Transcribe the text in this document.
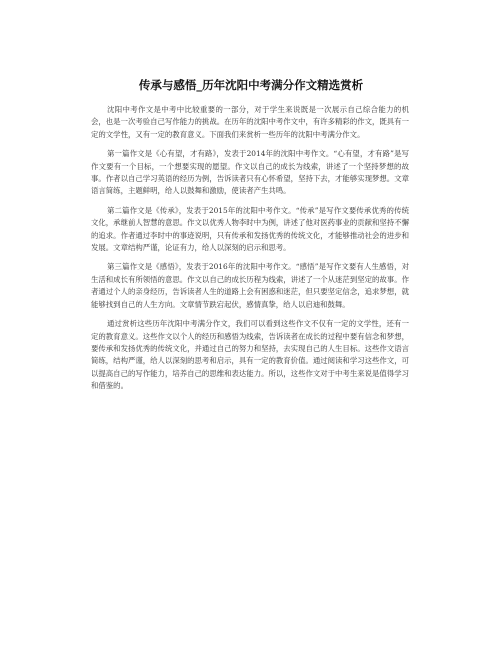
传承与感悟_历年沈阳中考满分作文精选赏析

沈阳中考作文是中考中比较重要的一部分，对于学生来说既是一次展示自己综合能力的机会，也是一次考验自己写作能力的挑战。在历年的沈阳中考作文中，有许多精彩的作文，既具有一定的文学性，又有一定的教育意义。下面我们来赏析一些历年的沈阳中考满分作文。

第一篇作文是《心有望，才有路》，发表于2014年的沈阳中考作文。“心有望，才有路”是写作文要有一个目标，一个想要实现的愿望。作文以自己的成长为线索，讲述了一个坚持梦想的故事。作者以自己学习英语的经历为例，告诉读者只有心怀希望，坚持下去，才能够实现梦想。文章语言简练，主题鲜明，给人以鼓舞和激励，使读者产生共鸣。

第二篇作文是《传承》，发表于2015年的沈阳中考作文。“传承”是写作文要传承优秀的传统文化，承继前人智慧的意思。作文以优秀人物李时中为例，讲述了他对医药事业的贡献和坚持不懈的追求。作者通过李时中的事迹说明，只有传承和发扬优秀的传统文化，才能够推动社会的进步和发展。文章结构严谨，论证有力，给人以深刻的启示和思考。

第三篇作文是《感悟》，发表于2016年的沈阳中考作文。“感悟”是写作文要有人生感悟，对生活和成长有所领悟的意思。作文以自己的成长历程为线索，讲述了一个从迷茫到坚定的故事。作者通过个人的亲身经历，告诉读者人生的道路上会有困惑和迷茫，但只要坚定信念，追求梦想，就能够找到自己的人生方向。文章情节跌宕起伏，感情真挚，给人以启迪和鼓舞。

通过赏析这些历年沈阳中考满分作文，我们可以看到这些作文不仅有一定的文学性，还有一定的教育意义。这些作文以个人的经历和感悟为线索，告诉读者在成长的过程中要有信念和梦想，要传承和发扬优秀的传统文化，并通过自己的努力和坚持，去实现自己的人生目标。这些作文语言简练，结构严谨，给人以深刻的思考和启示，具有一定的教育价值。通过阅读和学习这些作文，可以提高自己的写作能力，培养自己的思维和表达能力。所以，这些作文对于中考生来说是值得学习和借鉴的。
